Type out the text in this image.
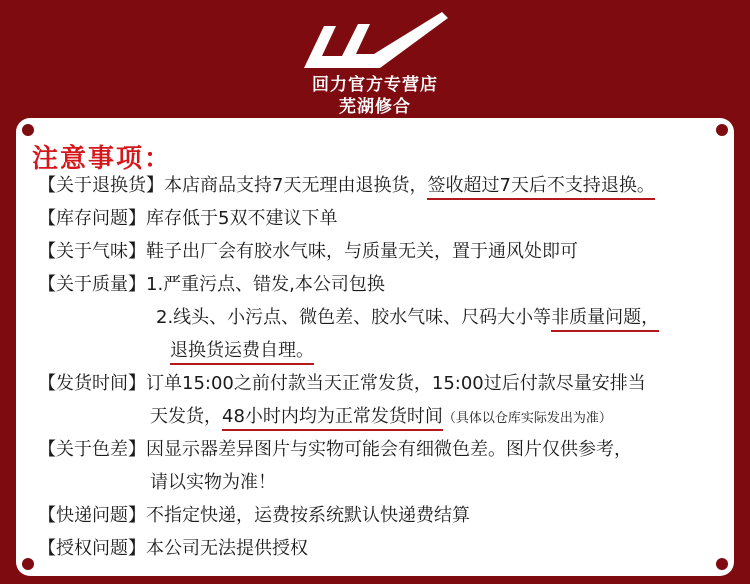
回力官方专营店
芜湖修合
注意事项：
【关于退换货】本店商品支持7天无理由退换货，签收超过7天后不支持退换。
【库存问题】库存低于5双不建议下单
【关于气味】鞋子出厂会有胶水气味，与质量无关，置于通风处即可
【关于质量】1.严重污点、错发,本公司包换
2.线头、小污点、微色差、胶水气味、尺码大小等非质量问题，
退换货运费自理。
【发货时间】订单15:00之前付款当天正常发货，15:00过后付款尽量安排当
天发货，48小时内均为正常发货时间（具体以仓库实际发出为准）
【关于色差】因显示器差异图片与实物可能会有细微色差。图片仅供参考，
请以实物为准！
【快递问题】不指定快递，运费按系统默认快递费结算
【授权问题】本公司无法提供授权
